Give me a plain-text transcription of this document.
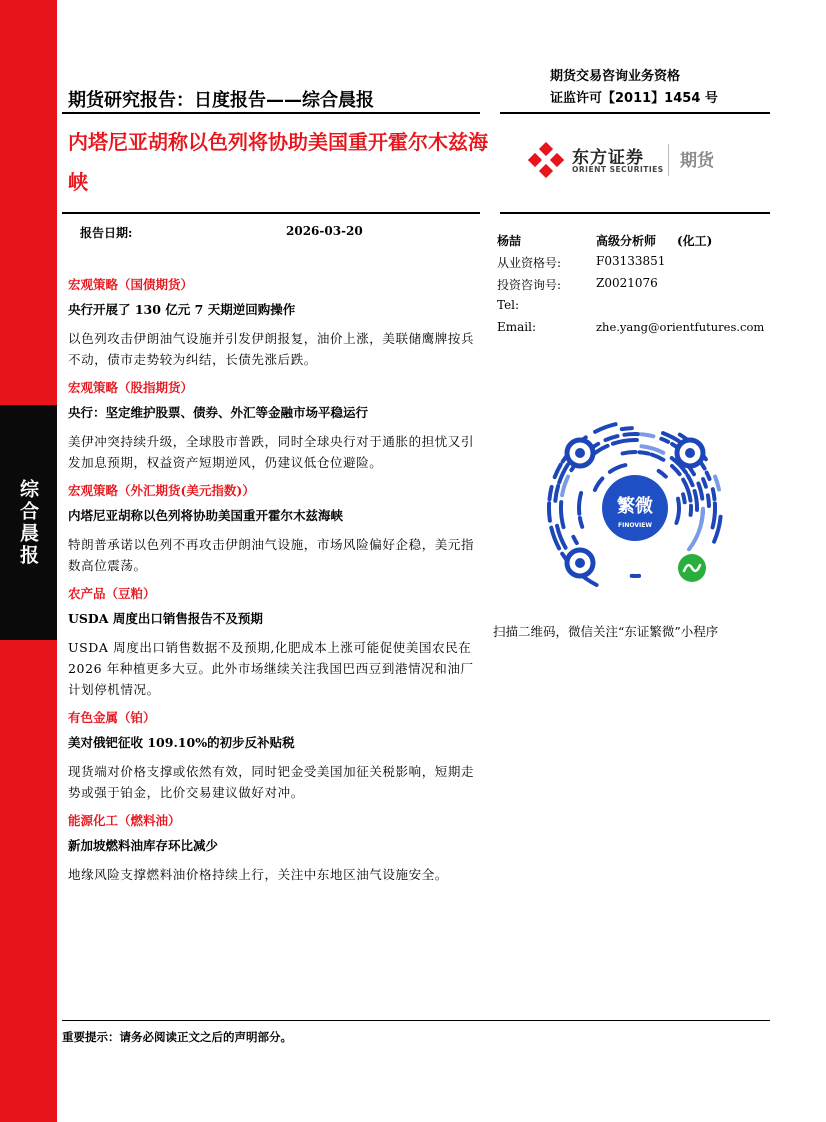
综合晨报
期货研究报告：日度报告——综合晨报
期货交易咨询业务资格
证监许可【2011】1454 号
内塔尼亚胡称以色列将协助美国重开霍尔木兹海峡
东方证券
ORIENT SECURITIES 期货
报告日期:	2026-03-20
杨喆	高级分析师 (化工)
从业资格号:	F03133851
投资咨询号:	Z0021076
Tel:
Email:	zhe.yang@orientfutures.com
宏观策略（国债期货）
央行开展了 130 亿元 7 天期逆回购操作
以色列攻击伊朗油气设施并引发伊朗报复，油价上涨，美联储鹰牌按兵不动，债市走势较为纠结，长债先涨后跌。
宏观策略（股指期货）
央行：坚定维护股票、债券、外汇等金融市场平稳运行
美伊冲突持续升级，全球股市普跌，同时全球央行对于通胀的担忧又引发加息预期，权益资产短期逆风，仍建议低仓位避险。
宏观策略（外汇期货(美元指数)）
内塔尼亚胡称以色列将协助美国重开霍尔木兹海峡
特朗普承诺以色列不再攻击伊朗油气设施，市场风险偏好企稳，美元指数高位震荡。
农产品（豆粕）
USDA 周度出口销售报告不及预期
USDA 周度出口销售数据不及预期,化肥成本上涨可能促使美国农民在 2026 年种植更多大豆。此外市场继续关注我国巴西豆到港情况和油厂计划停机情况。
有色金属（铂）
美对俄钯征收 109.10%的初步反补贴税
现货端对价格支撑或依然有效，同时钯金受美国加征关税影响，短期走势或强于铂金，比价交易建议做好对冲。
能源化工（燃料油）
新加坡燃料油库存环比减少
地缘风险支撑燃料油价格持续上行，关注中东地区油气设施安全。
繁微
FINOVIEW
扫描二维码，微信关注“东证繁微”小程序
重要提示：请务必阅读正文之后的声明部分。
